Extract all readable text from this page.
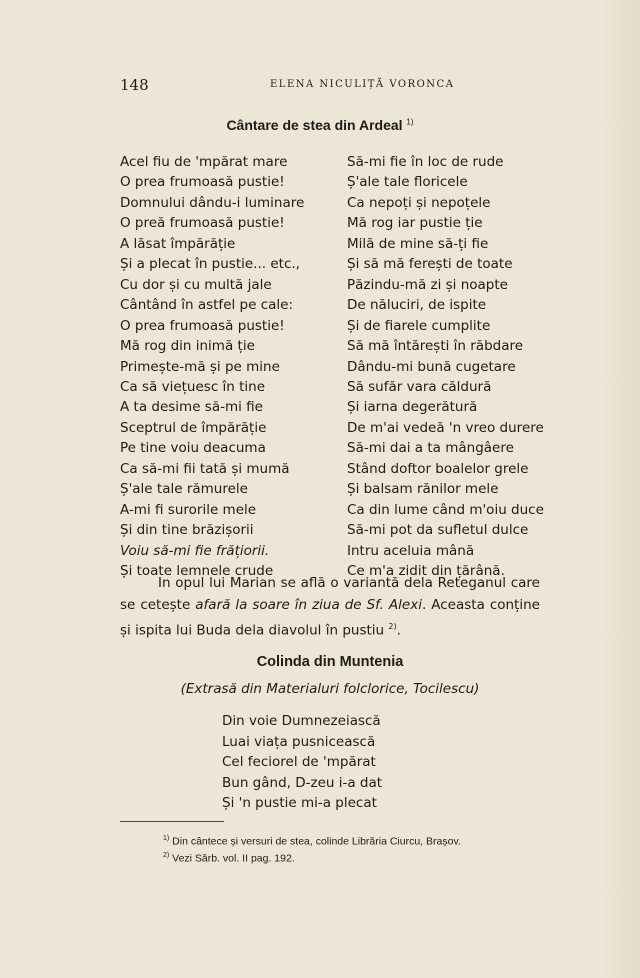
148	ELENA NICULIȚĂ VORONCA
Cântare de stea din Ardeal $^{1)}$
Acel fiu de 'mpărat mare
O prea frumoasă pustie!
Domnului dându-i luminare
O preă frumoasă pustie!
A lăsat împărăție
Și a plecat în pustie... etc.,
Cu dor și cu multă jale
Cântând în astfel pe cale:
O prea frumoasă pustie!
Mă rog din inimă ție
Primește-mă și pe mine
Ca să viețuesc în tine
A ta desime să-mi fie
Sceptrul de împărăție
Pe tine voiu deacuma
Ca să-mi fii tată și mumă
Ș'ale tale rămurele
A-mi fi surorile mele
Și din tine brăzișorii
Voiu să-mi fie frățiorii.
Și toate lemnele crude
Să-mi fie în loc de rude
Ș'ale tale floricele
Ca nepoți și nepoțele
Mă rog iar pustie ție
Milă de mine să-ți fie
Și să mă ferești de toate
Păzindu-mă zi și noapte
De năluciri, de ispite
Și de fiarele cumplite
Să mă întărești în răbdare
Dându-mi bună cugetare
Să sufăr vara căldură
Și iarna degerătură
De m'ai vedeă 'n vreo durere
Să-mi dai a ta mângâere
Stând doftor boalelor grele
Și balsam rănilor mele
Ca din lume când m'oiu duce
Să-mi pot da sufletul dulce
Intru aceluia mână
Ce m'a zidit din țărână.
In opul lui Marian se află o variantă dela Reteganul care se cetește afară la soare în ziua de Sf. Alexi. Aceasta conține și ispita lui Buda dela diavolul în pustiu $^{2)}$.
Colinda din Muntenia
(Extrasă din Materialuri folclorice, Tocilescu)
Din voie Dumnezeiască
Luai viața pusnicească
Cel feciorel de 'mpărat
Bun gând, D-zeu i-a dat
Și 'n pustie mi-a plecat
$^{1)}$ Din cântece și versuri de stea, colinde Librăria Ciurcu, Brașov.
$^{2)}$ Vezi Sărb. vol. II pag. 192.
